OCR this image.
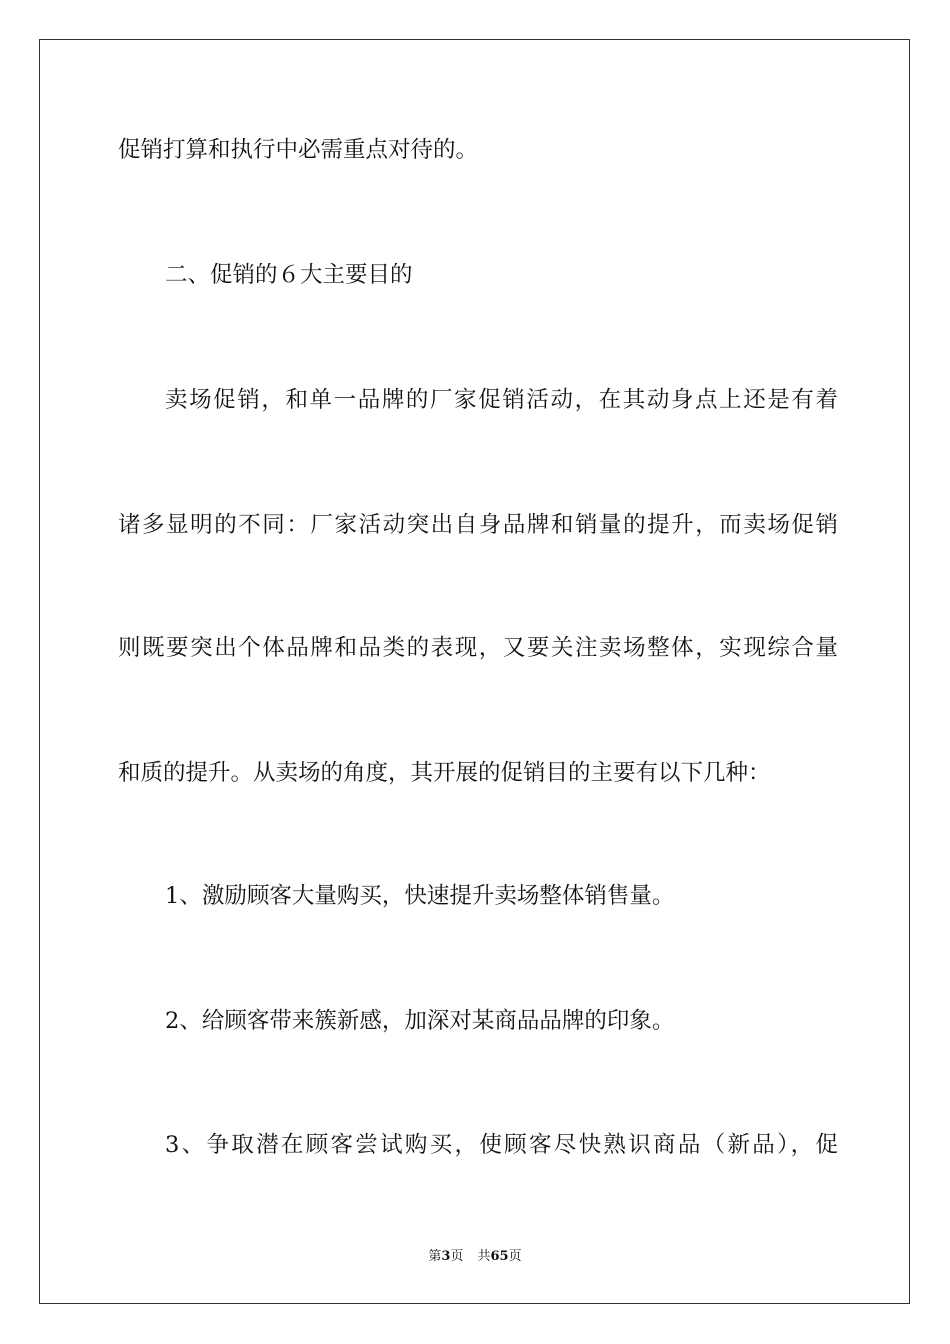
促销打算和执行中必需重点对待的。
二、促销的６大主要目的
卖场促销，和单一品牌的厂家促销活动，在其动身点上还是有着
诸多显明的不同：厂家活动突出自身品牌和销量的提升，而卖场促销
则既要突出个体品牌和品类的表现，又要关注卖场整体，实现综合量
和质的提升。从卖场的角度，其开展的促销目的主要有以下几种：
1、激励顾客大量购买，快速提升卖场整体销售量。
2、给顾客带来簇新感，加深对某商品品牌的印象。
3、争取潜在顾客尝试购买，使顾客尽快熟识商品（新品），促
第3页 共65页
